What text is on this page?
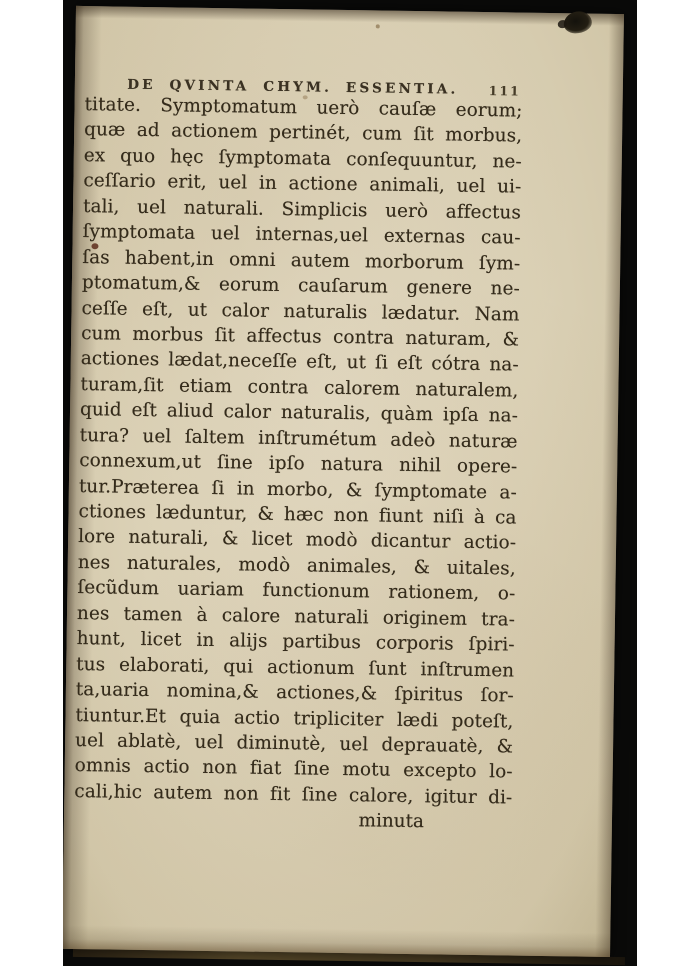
DE QVINTA CHYM. ESSENTIA.	111
titate. Symptomatum uerò cauſæ eorum;
quæ ad actionem pertinét, cum ſit morbus,
ex quo hęc ſymptomata conſequuntur, ne-
ceſſario erit, uel in actione animali, uel ui-
tali, uel naturali. Simplicis uerò affectus
ſymptomata uel internas,uel externas cau-
ſas habent,in omni autem morborum ſym-
ptomatum,& eorum cauſarum genere ne-
ceſſe eſt, ut calor naturalis lædatur. Nam
cum morbus ſit affectus contra naturam, &
actiones lædat,neceſſe eſt, ut ſi eſt cótra na-
turam,ſit etiam contra calorem naturalem,
quid eſt aliud calor naturalis, quàm ipſa na-
tura? uel ſaltem inſtrumétum adeò naturæ
connexum,ut ſine ipſo natura nihil opere-
tur.Præterea ſi in morbo, & ſymptomate a-
ctiones læduntur, & hæc non fiunt niſi à ca
lore naturali, & licet modò dicantur actio-
nes naturales, modò animales, & uitales,
ſecũdum uariam functionum rationem, o-
nes tamen à calore naturali originem tra-
hunt, licet in alijs partibus corporis ſpiri-
tus elaborati, qui actionum ſunt inſtrumen
ta,uaria nomina,& actiones,& ſpiritus ſor-
tiuntur.Et quia actio tripliciter lædi poteſt,
uel ablatè, uel diminutè, uel deprauatè, &
omnis actio non fiat ſine motu excepto lo-
cali,hic autem non fit ſine calore, igitur di-
minuta
